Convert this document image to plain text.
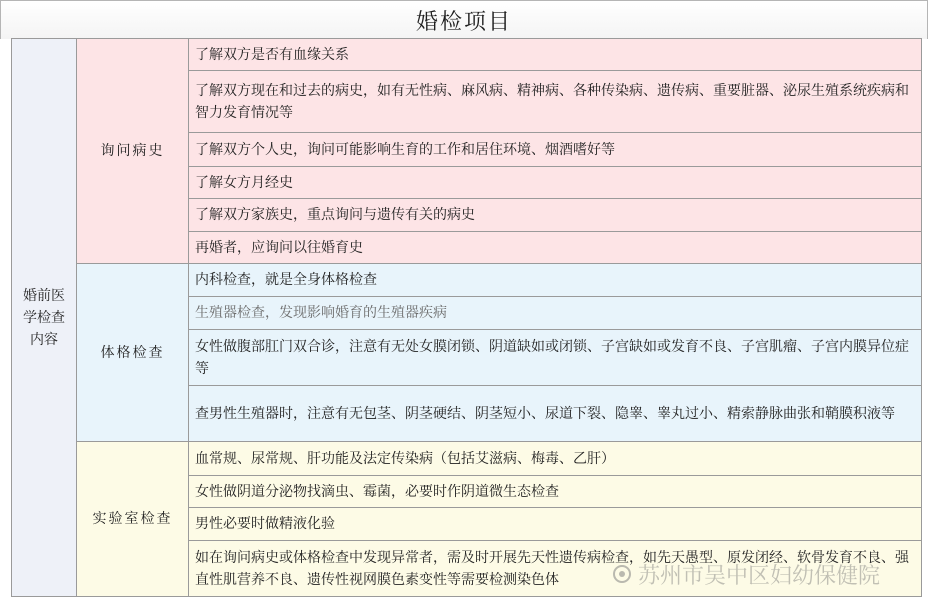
婚检项目
婚前医学检查内容	询问病史	了解双方是否有血缘关系
		了解双方现在和过去的病史，如有无性病、麻风病、精神病、各种传染病、遗传病、重要脏器、泌尿生殖系统疾病和智力发育情况等
		了解双方个人史，询问可能影响生育的工作和居住环境、烟酒嗜好等
		了解女方月经史
		了解双方家族史，重点询问与遗传有关的病史
		再婚者，应询问以往婚育史
	体格检查	内科检查，就是全身体格检查
		生殖器检查，发现影响婚育的生殖器疾病
		女性做腹部肛门双合诊，注意有无处女膜闭锁、阴道缺如或闭锁、子宫缺如或发育不良、子宫肌瘤、子宫内膜异位症等
		查男性生殖器时，注意有无包茎、阴茎硬结、阴茎短小、尿道下裂、隐睾、睾丸过小、精索静脉曲张和鞘膜积液等
	实验室检查	血常规、尿常规、肝功能及法定传染病（包括艾滋病、梅毒、乙肝）
		女性做阴道分泌物找滴虫、霉菌，必要时作阴道微生态检查
		男性必要时做精液化验
		如在询问病史或体格检查中发现异常者，需及时开展先天性遗传病检查，如先天愚型、原发闭经、软骨发育不良、强直性肌营养不良、遗传性视网膜色素变性等需要检测染色体	苏州市吴中区妇幼保健院
